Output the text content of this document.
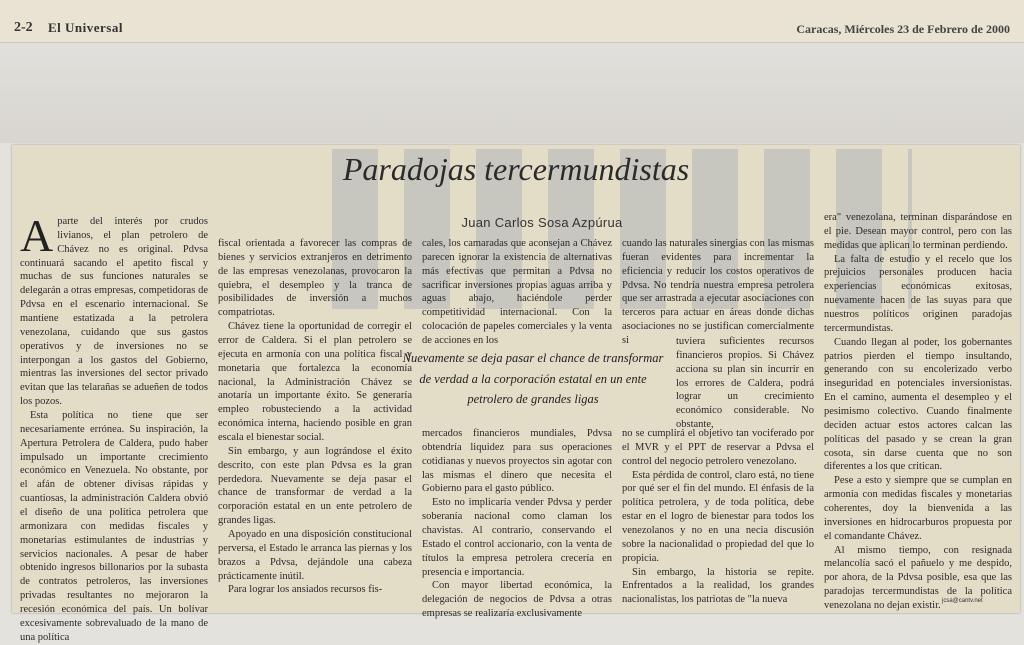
2-2 El Universal	Caracas, Miércoles 23 de Febrero de 2000
Paradojas tercermundistas
Juan Carlos Sosa Azpúrua

Aparte del interés por crudos livianos, el plan petrolero de Chávez no es original. Pdvsa continuará sacando el apetito fiscal y muchas de sus funciones naturales se delegarán a otras empresas, competidoras de Pdvsa en el escenario internacional. Se mantiene estatizada a la petrolera venezolana, cuidando que sus gastos operativos y de inversiones no se interpongan a los gastos del Gobierno, mientras las inversiones del sector privado evitan que las telarañas se adueñen de todos los pozos.

Esta política no tiene que ser necesariamente errónea. Su inspiración, la Apertura Petrolera de Caldera, pudo haber impulsado un importante crecimiento económico en Venezuela. No obstante, por el afán de obtener divisas rápidas y cuantiosas, la administración Caldera obvió el diseño de una política petrolera que armonizara con medidas fiscales y monetarias estimulantes de industrias y servicios nacionales. A pesar de haber obtenido ingresos billonarios por la subasta de contratos petroleros, las inversiones privadas resultantes no mejoraron la recesión económica del país. Un bolívar excesivamente sobrevaluado de la mano de una política

fiscal orientada a favorecer las compras de bienes y servicios extranjeros en detrimento de las empresas venezolanas, provocaron la quiebra, el desempleo y la tranca de posibilidades de inversión a muchos compatriotas.

Chávez tiene la oportunidad de corregir el error de Caldera. Si el plan petrolero se ejecuta en armonía con una política fiscal y monetaria que fortalezca la economía nacional, la Administración Chávez se anotaría un importante éxito. Se generaría empleo robusteciendo a la actividad económica interna, haciendo posible en gran escala el bienestar social.

Sin embargo, y aun lográndose el éxito descrito, con este plan Pdvsa es la gran perdedora. Nuevamente se deja pasar el chance de transformar de verdad a la corporación estatal en un ente petrolero de grandes ligas.

Apoyado en una disposición constitucional perversa, el Estado le arranca las piernas y los brazos a Pdvsa, dejándole una cabeza prácticamente inútil.

Para lograr los ansiados recursos fis-

cales, los camaradas que aconsejan a Chávez parecen ignorar la existencia de alternativas más efectivas que permitan a Pdvsa no sacrificar inversiones propias aguas arriba y aguas abajo, haciéndole perder competitividad internacional. Con la colocación de papeles comerciales y la venta de acciones en los

Nuevamente se deja pasar el chance de transformar de verdad a la corporación estatal en un ente petrolero de grandes ligas

mercados financieros mundiales, Pdvsa obtendría liquidez para sus operaciones cotidianas y nuevos proyectos sin agotar con las mismas el dinero que necesita el Gobierno para el gasto público.

Esto no implicaría vender Pdvsa y perder soberanía nacional como claman los chavistas. Al contrario, conservando el Estado el control accionario, con la venta de títulos la empresa petrolera crecería en presencia e importancia.

Con mayor libertad económica, la delegación de negocios de Pdvsa a otras empresas se realizaría exclusivamente

cuando las naturales sinergias con las mismas fueran evidentes para incrementar la eficiencia y reducir los costos operativos de Pdvsa. No tendría nuestra empresa petrolera que ser arrastrada a ejecutar asociaciones con terceros para actuar en áreas donde dichas asociaciones no se justifican comercialmente si	tuviera suficientes recursos financieros propios. Si Chávez acciona su plan sin incurrir en los errores de Caldera, podrá lograr un crecimiento económico considerable. No obstante,

no se cumplirá el objetivo tan vociferado por el MVR y el PPT de reservar a Pdvsa el control del negocio petrolero venezolano.

Esta pérdida de control, claro está, no tiene por qué ser el fin del mundo. El énfasis de la política petrolera, y de toda política, debe estar en el logro de bienestar para todos los venezolanos y no en una necia discusión sobre la nacionalidad o propiedad del que lo propicia.

Sin embargo, la historia se repite. Enfrentados a la realidad, los grandes nacionalistas, los patriotas de "la nueva

era" venezolana, terminan disparándose en el pie. Desean mayor control, pero con las medidas que aplican lo terminan perdiendo.

La falta de estudio y el recelo que los prejuicios personales producen hacia experiencias económicas exitosas, nuevamente hacen de las suyas para que nuestros políticos originen paradojas tercermundistas.

Cuando llegan al poder, los gobernantes patrios pierden el tiempo insultando, generando con su encolerizado verbo inseguridad en potenciales inversionistas. En el camino, aumenta el desempleo y el pesimismo colectivo. Cuando finalmente deciden actuar estos actores calcan las políticas del pasado y se crean la gran cosota, sin darse cuenta que no son diferentes a los que critican.

Pese a esto y siempre que se cumplan en armonía con medidas fiscales y monetarias coherentes, doy la bienvenida a las inversiones en hidrocarburos propuesta por el comandante Chávez.

Al mismo tiempo, con resignada melancolía sacó el pañuelo y me despido, por ahora, de la Pdvsa posible, esa que las paradojas tercermundistas de la política venezolana no dejan existir. jcsa@cantv.net
